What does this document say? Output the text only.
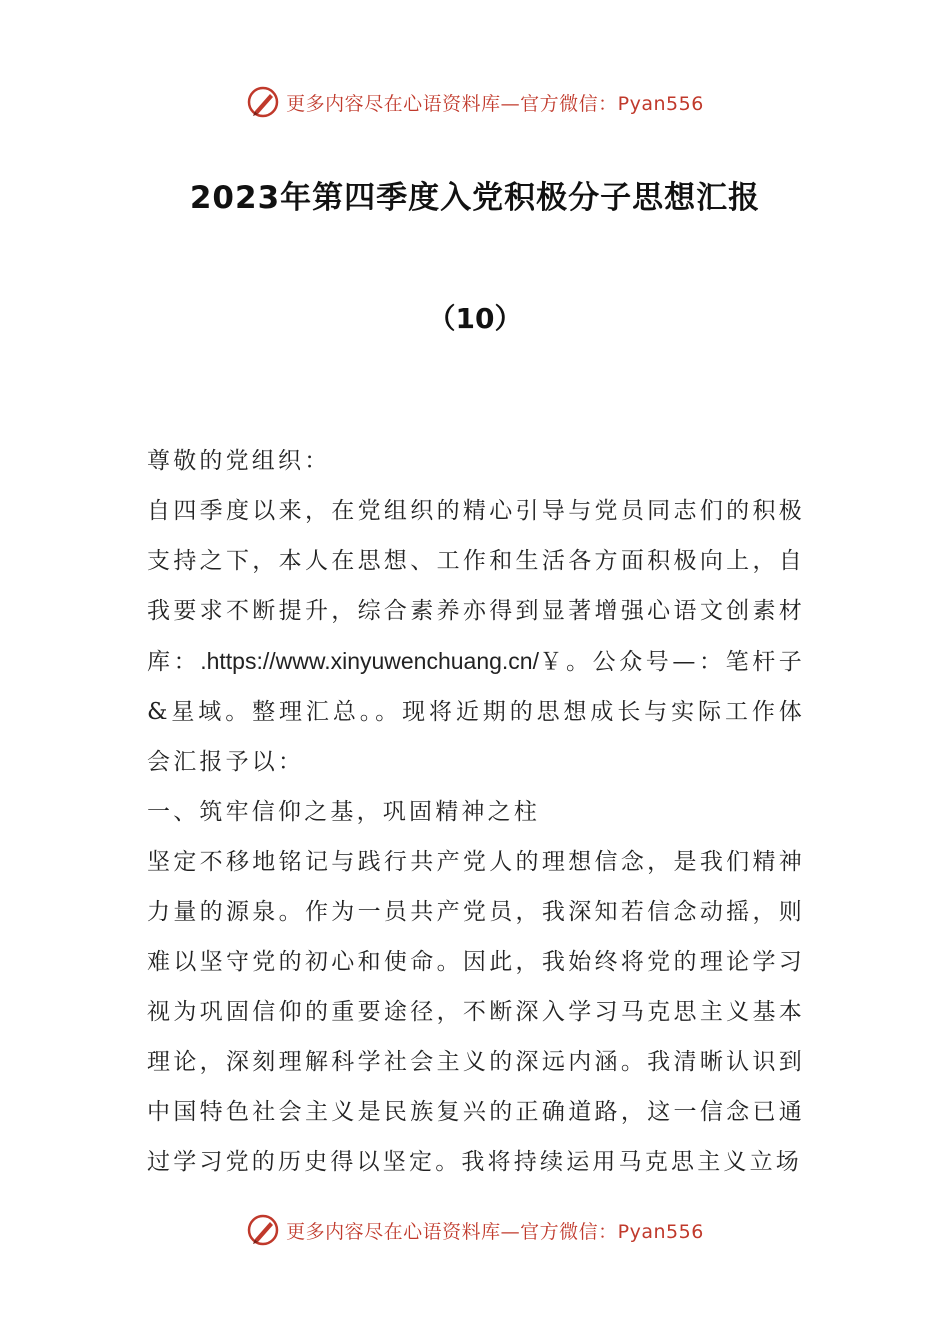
更多内容尽在心语资料库—官方微信：Pyan556
2023年第四季度入党积极分子思想汇报
（10）

尊敬的党组织：

自四季度以来，在党组织的精心引导与党员同志们的积极支持之下，本人在思想、工作和生活各方面积极向上，自我要求不断提升，综合素养亦得到显著增强心语文创素材库：.https://www.xinyuwenchuang.cn/￥。公众号—：笔杆子&星域。整理汇总。。现将近期的思想成长与实际工作体会汇报予以：

一、筑牢信仰之基，巩固精神之柱

坚定不移地铭记与践行共产党人的理想信念，是我们精神力量的源泉。作为一员共产党员，我深知若信念动摇，则难以坚守党的初心和使命。因此，我始终将党的理论学习视为巩固信仰的重要途径，不断深入学习马克思主义基本理论，深刻理解科学社会主义的深远内涵。我清晰认识到中国特色社会主义是民族复兴的正确道路，这一信念已通过学习党的历史得以坚定。我将持续运用马克思主义立场

更多内容尽在心语资料库—官方微信：Pyan556
